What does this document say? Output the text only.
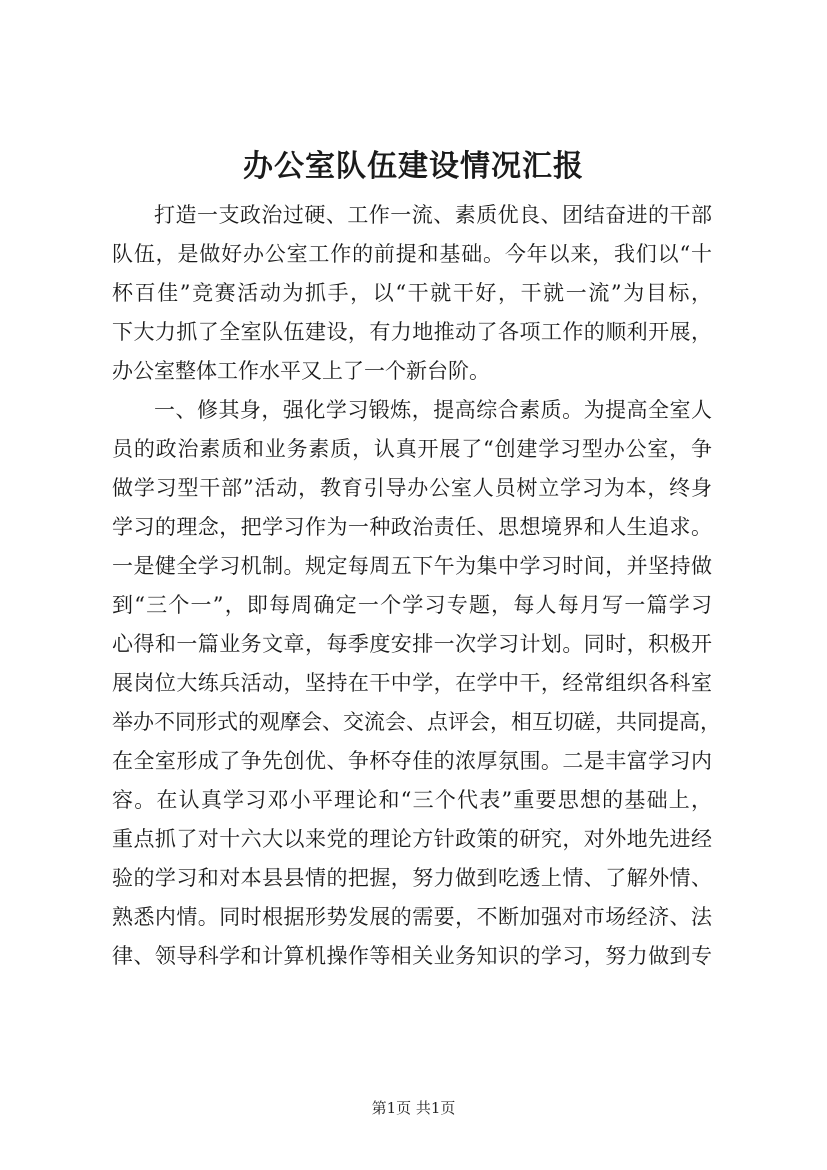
办公室队伍建设情况汇报
打造一支政治过硬、工作一流、素质优良、团结奋进的干部
队伍，是做好办公室工作的前提和基础。今年以来，我们以“十
杯百佳”竞赛活动为抓手，以“干就干好，干就一流”为目标，
下大力抓了全室队伍建设，有力地推动了各项工作的顺利开展，
办公室整体工作水平又上了一个新台阶。
一、修其身，强化学习锻炼，提高综合素质。为提高全室人
员的政治素质和业务素质，认真开展了“创建学习型办公室，争
做学习型干部”活动，教育引导办公室人员树立学习为本，终身
学习的理念，把学习作为一种政治责任、思想境界和人生追求。
一是健全学习机制。规定每周五下午为集中学习时间，并坚持做
到“三个一”，即每周确定一个学习专题，每人每月写一篇学习
心得和一篇业务文章，每季度安排一次学习计划。同时，积极开
展岗位大练兵活动，坚持在干中学，在学中干，经常组织各科室
举办不同形式的观摩会、交流会、点评会，相互切磋，共同提高，
在全室形成了争先创优、争杯夺佳的浓厚氛围。二是丰富学习内
容。在认真学习邓小平理论和“三个代表”重要思想的基础上，
重点抓了对十六大以来党的理论方针政策的研究，对外地先进经
验的学习和对本县县情的把握，努力做到吃透上情、了解外情、
熟悉内情。同时根据形势发展的需要，不断加强对市场经济、法
律、领导科学和计算机操作等相关业务知识的学习，努力做到专
第1页 共1页
